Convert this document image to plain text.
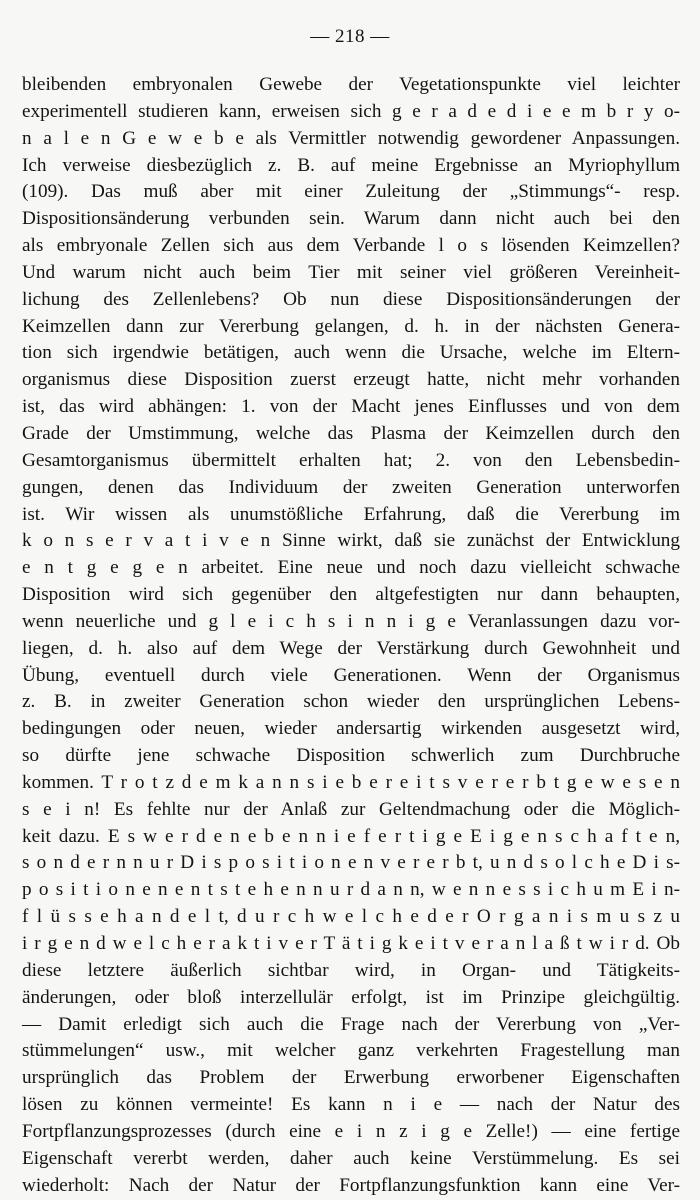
— 218 —
bleibenden embryonalen Gewebe der Vegetationspunkte viel leichter
experimentell studieren kann, erweisen sich g e r a d e d i e e m b r y o-
n a l e n G e w e b e als Vermittler notwendig gewordener Anpassungen.
Ich verweise diesbezüglich z. B. auf meine Ergebnisse an Myriophyllum
(109). Das muß aber mit einer Zuleitung der „Stimmungs“- resp.
Dispositionsänderung verbunden sein. Warum dann nicht auch bei den
als embryonale Zellen sich aus dem Verbande l o s lösenden Keimzellen?
Und warum nicht auch beim Tier mit seiner viel größeren Vereinheit-
lichung des Zellenlebens? Ob nun diese Dispositionsänderungen der
Keimzellen dann zur Vererbung gelangen, d. h. in der nächsten Genera-
tion sich irgendwie betätigen, auch wenn die Ursache, welche im Eltern-
organismus diese Disposition zuerst erzeugt hatte, nicht mehr vorhanden
ist, das wird abhängen: 1. von der Macht jenes Einflusses und von dem
Grade der Umstimmung, welche das Plasma der Keimzellen durch den
Gesamtorganismus übermittelt erhalten hat; 2. von den Lebensbedin-
gungen, denen das Individuum der zweiten Generation unterworfen
ist. Wir wissen als unumstößliche Erfahrung, daß die Vererbung im
k o n s e r v a t i v e n Sinne wirkt, daß sie zunächst der Entwicklung
e n t g e g e n arbeitet. Eine neue und noch dazu vielleicht schwache
Disposition wird sich gegenüber den altgefestigten nur dann behaupten,
wenn neuerliche und g l e i c h s i n n i g e Veranlassungen dazu vor-
liegen, d. h. also auf dem Wege der Verstärkung durch Gewohnheit und
Übung, eventuell durch viele Generationen. Wenn der Organismus
z. B. in zweiter Generation schon wieder den ursprünglichen Lebens-
bedingungen oder neuen, wieder andersartig wirkenden ausgesetzt wird,
so dürfte jene schwache Disposition schwerlich zum Durchbruche
kommen. T r o t z d e m k a n n s i e b e r e i t s v e r e r b t g e w e s e n
s e i n! Es fehlte nur der Anlaß zur Geltendmachung oder die Möglich-
keit dazu. E s w e r d e n e b e n n i e f e r t i g e E i g e n s c h a f t e n,
s o n d e r n n u r D i s p o s i t i o n e n v e r e r b t, u n d s o l c h e D i s-
p o s i t i o n e n e n t s t e h e n n u r d a n n, w e n n e s s i c h u m E i n-
f l ü s s e h a n d e l t, d u r c h w e l c h e d e r O r g a n i s m u s z u
i r g e n d w e l c h e r a k t i v e r T ä t i g k e i t v e r a n l a ß t w i r d. Ob
diese letztere äußerlich sichtbar wird, in Organ- und Tätigkeits-
änderungen, oder bloß interzellulär erfolgt, ist im Prinzipe gleichgültig.
— Damit erledigt sich auch die Frage nach der Vererbung von „Ver-
stümmelungen“ usw., mit welcher ganz verkehrten Fragestellung man
ursprünglich das Problem der Erwerbung erworbener Eigenschaften
lösen zu können vermeinte! Es kann n i e — nach der Natur des
Fortpflanzungsprozesses (durch eine e i n z i g e Zelle!) — eine fertige
Eigenschaft vererbt werden, daher auch keine Verstümmelung. Es sei
wiederholt: Nach der Natur der Fortpflanzungsfunktion kann eine Ver-
